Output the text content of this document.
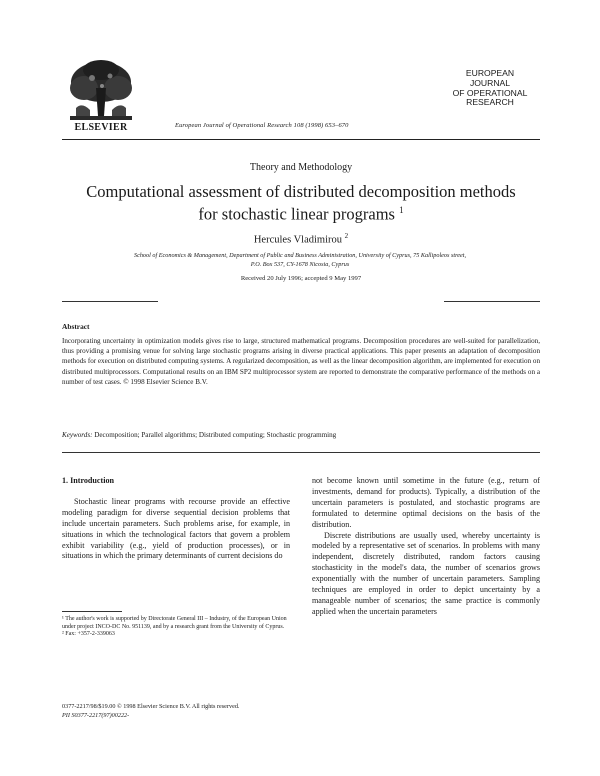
ELSEVIER	European Journal of Operational Research 108 (1998) 653–670
EUROPEAN
JOURNAL
OF OPERATIONAL
RESEARCH
Theory and Methodology
Computational assessment of distributed decomposition methods
for stochastic linear programs $^1$
Hercules Vladimirou $^2$
School of Economics & Management, Department of Public and Business Administration, University of Cyprus, 75 Kallipoleos street,
P.O. Box 537, CY-1678 Nicosia, Cyprus
Received 20 July 1996; accepted 9 May 1997
Abstract
Incorporating uncertainty in optimization models gives rise to large, structured mathematical programs. Decomposition procedures are well-suited for parallelization, thus providing a promising venue for solving large stochastic programs arising in diverse practical applications. This paper presents an adaptation of decomposition methods for execution on distributed computing systems. A regularized decomposition, as well as the linear decomposition algorithm, are implemented for execution on distributed multiprocessors. Computational results on an IBM SP2 multiprocessor system are reported to demonstrate the comparative performance of the methods on a number of test cases. © 1998 Elsevier Science B.V.
Keywords: Decomposition; Parallel algorithms; Distributed computing; Stochastic programming

1. Introduction

Stochastic linear programs with recourse provide an effective modeling paradigm for diverse sequential decision problems that include uncertain parameters. Such problems arise, for example, in situations in which the technological factors that govern a problem exhibit variability (e.g., yield of production processes), or in situations in which the primary determinants of current decisions do

not become known until sometime in the future (e.g., return of investments, demand for products). Typically, a distribution of the uncertain parameters is postulated, and stochastic programs are formulated to determine optimal decisions on the basis of the distribution.

Discrete distributions are usually used, whereby uncertainty is modeled by a representative set of scenarios. In problems with many independent, discretely distributed, random factors causing stochasticity in the model's data, the number of scenarios grows exponentially with the number of uncertain parameters. Sampling techniques are employed in order to depict uncertainty by a manageable number of scenarios; the same practice is commonly applied when the uncertain parameters

¹ The author's work is supported by Directorate General III – Industry, of the European Union under project INCO-DC No. 951139, and by a research grant from the University of Cyprus.

² Fax: +357-2-339063

0377-2217/98/$19.00 © 1998 Elsevier Science B.V. All rights reserved.
PII S0377-2217(97)00222-
